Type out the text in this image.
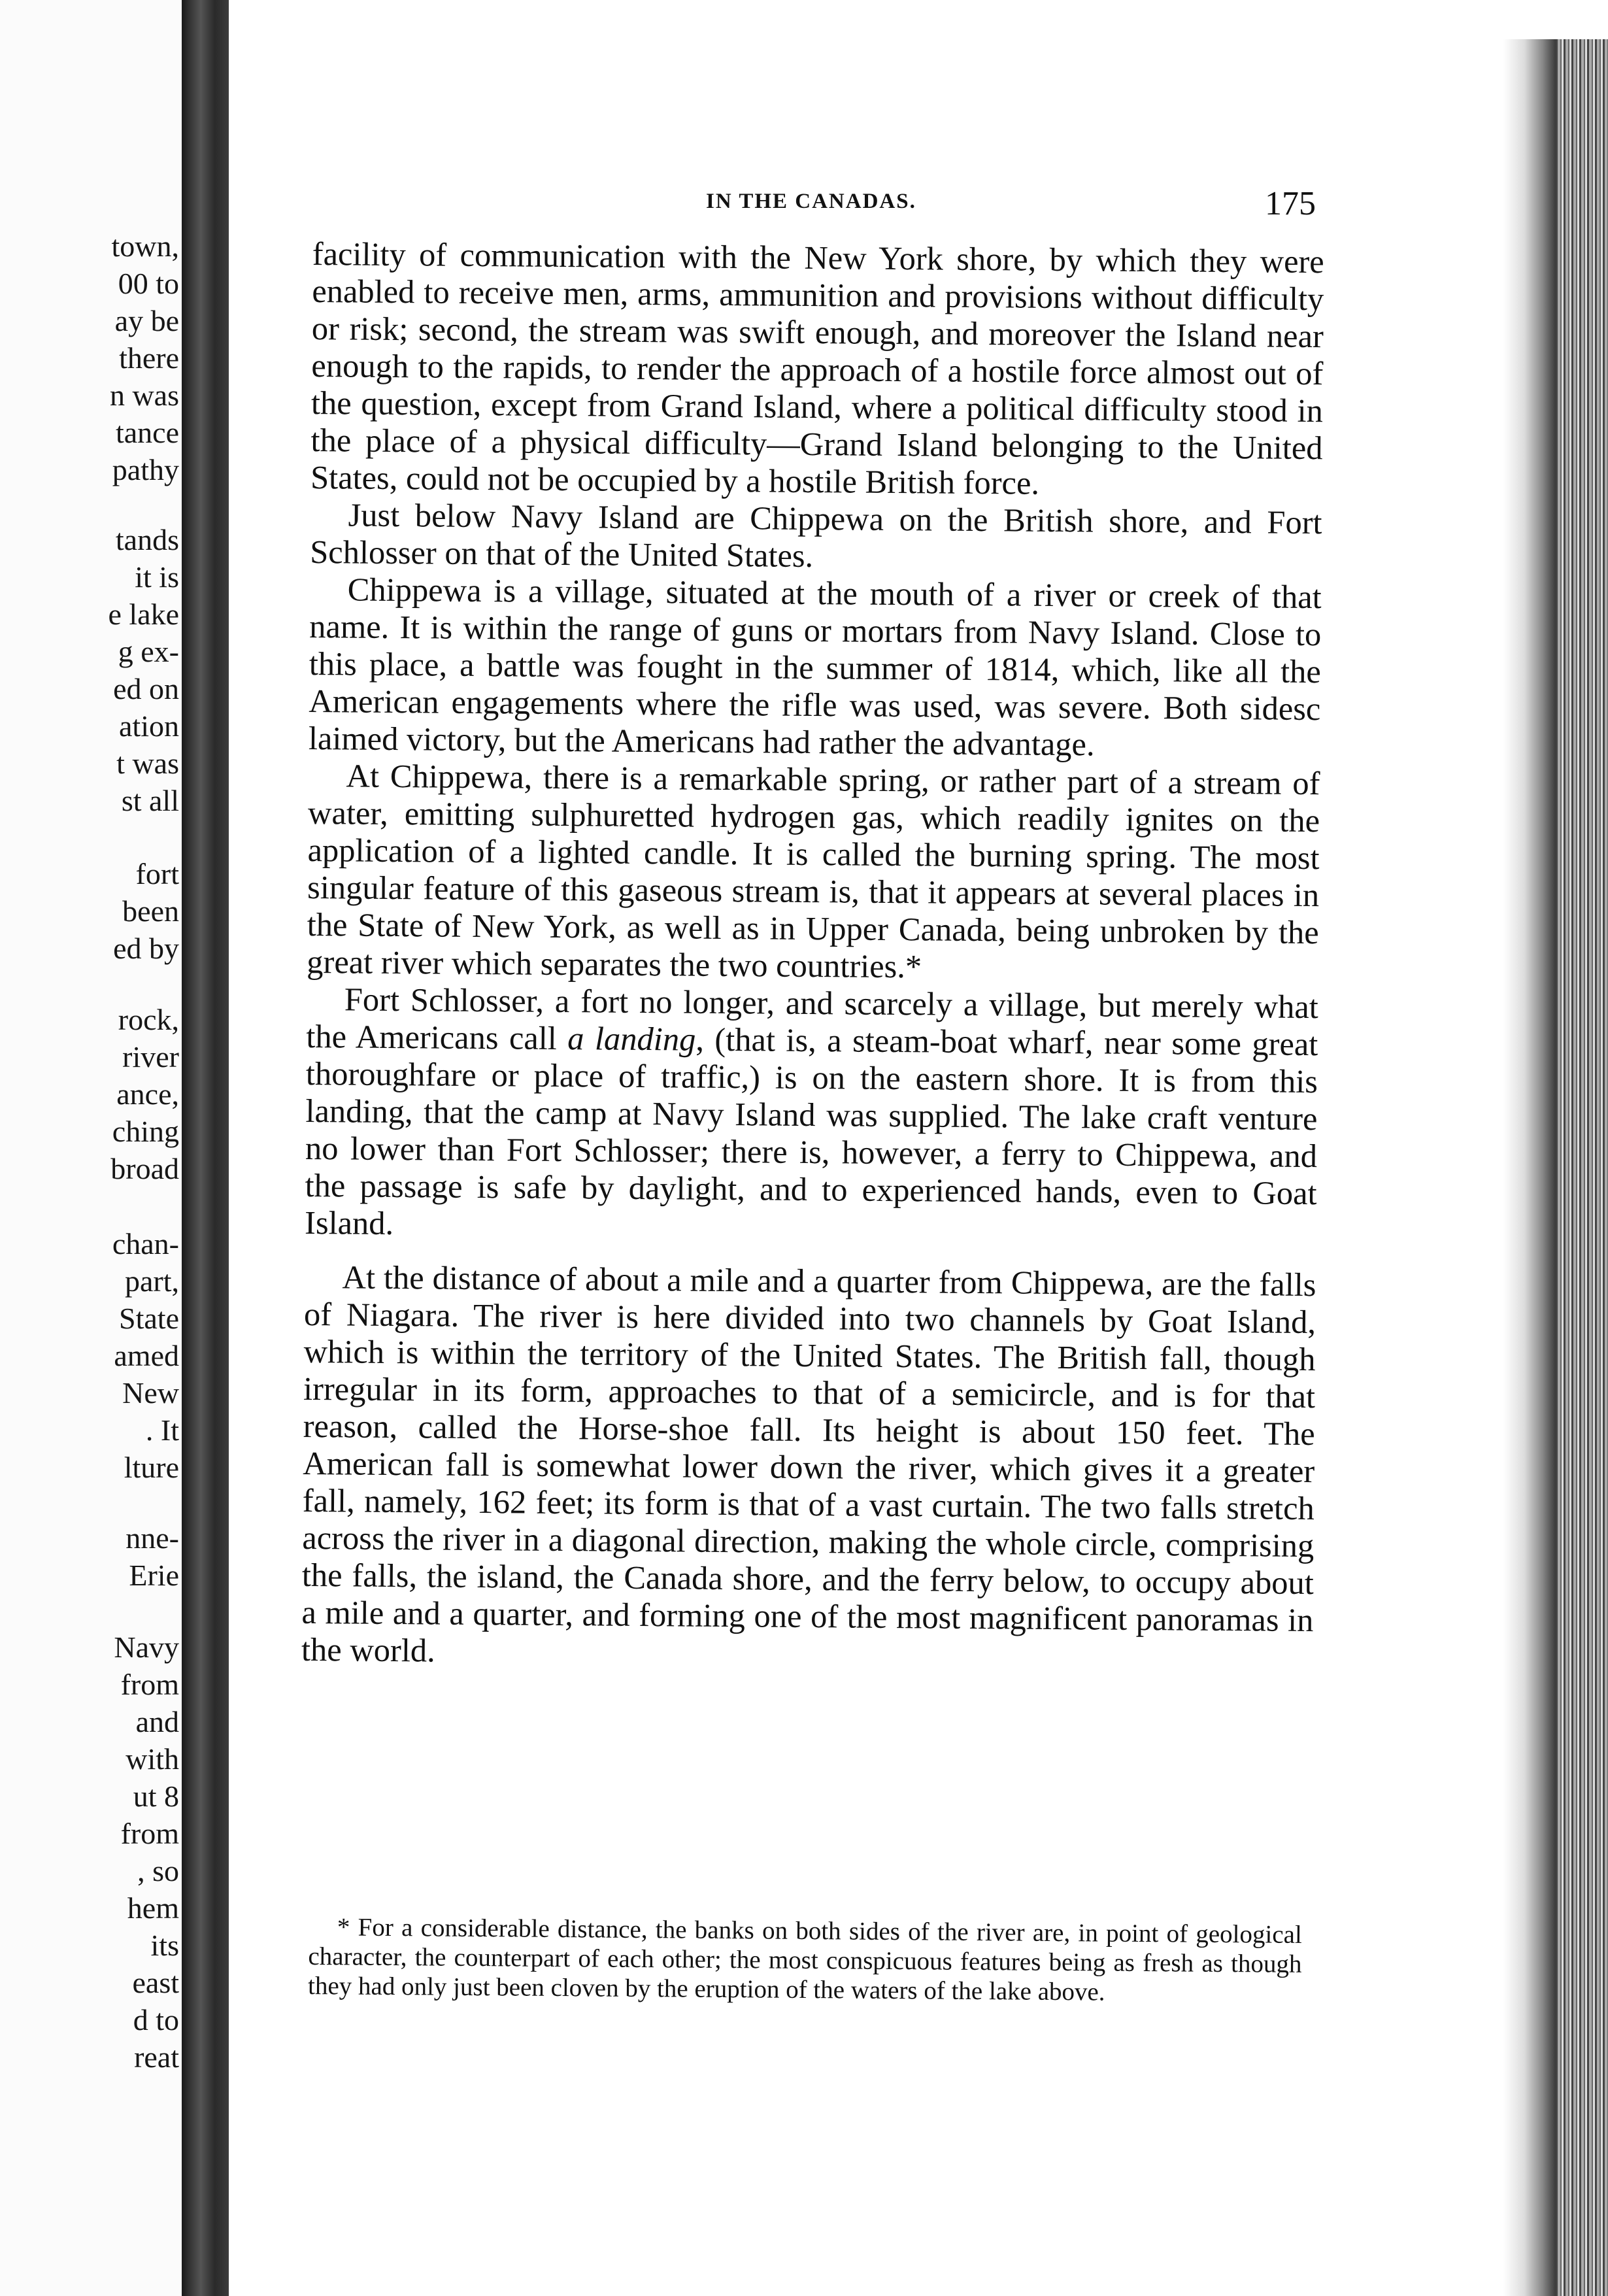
town,
00 to
ay be
there
n was
tance
pathy
tands
it is
e lake
g ex-
ed on
ation
t was
st all
fort
been
ed by
rock,
river
ance,
ching
broad
chan-
part,
State
amed
New
. It
lture
nne-
Erie
Navy
from
and
with
ut 8
from
, so
hem
its
east
d to
reat
IN THE CANADAS.	175

facility of communication with the New York shore, by which they were enabled to receive men, arms, ammunition and provisions without difficulty or risk; second, the stream was swift enough, and moreover the Island near enough to the rapids, to render the approach of a hostile force almost out of the question, except from Grand Island, where a political difficulty stood in the place of a physical difficulty—Grand Island belonging to the United States, could not be occupied by a hostile British force.

Just below Navy Island are Chippewa on the British shore, and Fort Schlosser on that of the United States.

Chippewa is a village, situated at the mouth of a river or creek of that name. It is within the range of guns or mortars from Navy Island. Close to this place, a battle was fought in the summer of 1814, which, like all the American engagements where the rifle was used, was severe. Both sidesc laimed victory, but the Americans had rather the advantage.

At Chippewa, there is a remarkable spring, or rather part of a stream of water, emitting sulphuretted hydrogen gas, which readily ignites on the application of a lighted candle. It is called the burning spring. The most singular feature of this gaseous stream is, that it appears at several places in the State of New York, as well as in Upper Canada, being unbroken by the great river which separates the two countries.*

Fort Schlosser, a fort no longer, and scarcely a village, but merely what the Americans call a landing, (that is, a steam-boat wharf, near some great thoroughfare or place of traffic,) is on the eastern shore. It is from this landing, that the camp at Navy Island was supplied. The lake craft venture no lower than Fort Schlosser; there is, however, a ferry to Chippewa, and the passage is safe by daylight, and to experienced hands, even to Goat Island.

At the distance of about a mile and a quarter from Chippewa, are the falls of Niagara. The river is here divided into two channels by Goat Island, which is within the territory of the United States. The British fall, though irregular in its form, approaches to that of a semicircle, and is for that reason, called the Horse-shoe fall. Its height is about 150 feet. The American fall is somewhat lower down the river, which gives it a greater fall, namely, 162 feet; its form is that of a vast curtain. The two falls stretch across the river in a diagonal direction, making the whole circle, comprising the falls, the island, the Canada shore, and the ferry below, to occupy about a mile and a quarter, and forming one of the most magnificent panoramas in the world.

* For a considerable distance, the banks on both sides of the river are, in point of geological character, the counterpart of each other; the most conspicuous features being as fresh as though they had only just been cloven by the eruption of the waters of the lake above.
